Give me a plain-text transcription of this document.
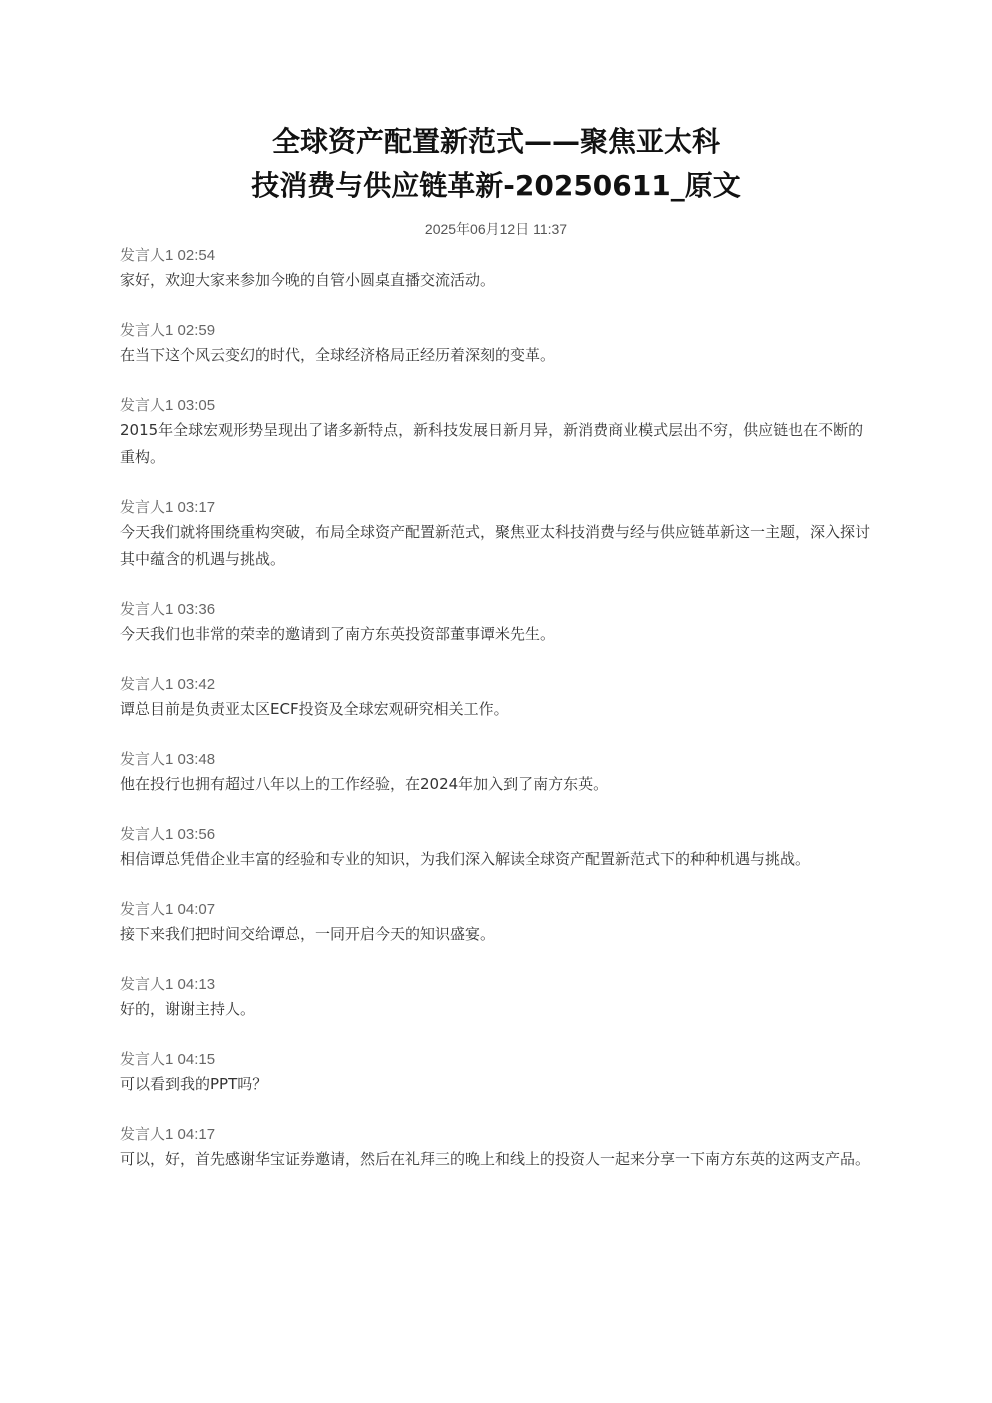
全球资产配置新范式——聚焦亚太科
技消费与供应链革新-20250611_原文
2025年06月12日 11:37
发言人1 02:54
家好，欢迎大家来参加今晚的自管小圆桌直播交流活动。
发言人1 02:59
在当下这个风云变幻的时代，全球经济格局正经历着深刻的变革。
发言人1 03:05
2015年全球宏观形势呈现出了诸多新特点，新科技发展日新月异，新消费商业模式层出不穷，供应链也在不断的重构。
发言人1 03:17
今天我们就将围绕重构突破，布局全球资产配置新范式，聚焦亚太科技消费与经与供应链革新这一主题，深入探讨其中蕴含的机遇与挑战。
发言人1 03:36
今天我们也非常的荣幸的邀请到了南方东英投资部董事谭米先生。
发言人1 03:42
谭总目前是负责亚太区ECF投资及全球宏观研究相关工作。
发言人1 03:48
他在投行也拥有超过八年以上的工作经验，在2024年加入到了南方东英。
发言人1 03:56
相信谭总凭借企业丰富的经验和专业的知识，为我们深入解读全球资产配置新范式下的种种机遇与挑战。
发言人1 04:07
接下来我们把时间交给谭总，一同开启今天的知识盛宴。
发言人1 04:13
好的，谢谢主持人。
发言人1 04:15
可以看到我的PPT吗？
发言人1 04:17
可以，好，首先感谢华宝证券邀请，然后在礼拜三的晚上和线上的投资人一起来分享一下南方东英的这两支产品。
